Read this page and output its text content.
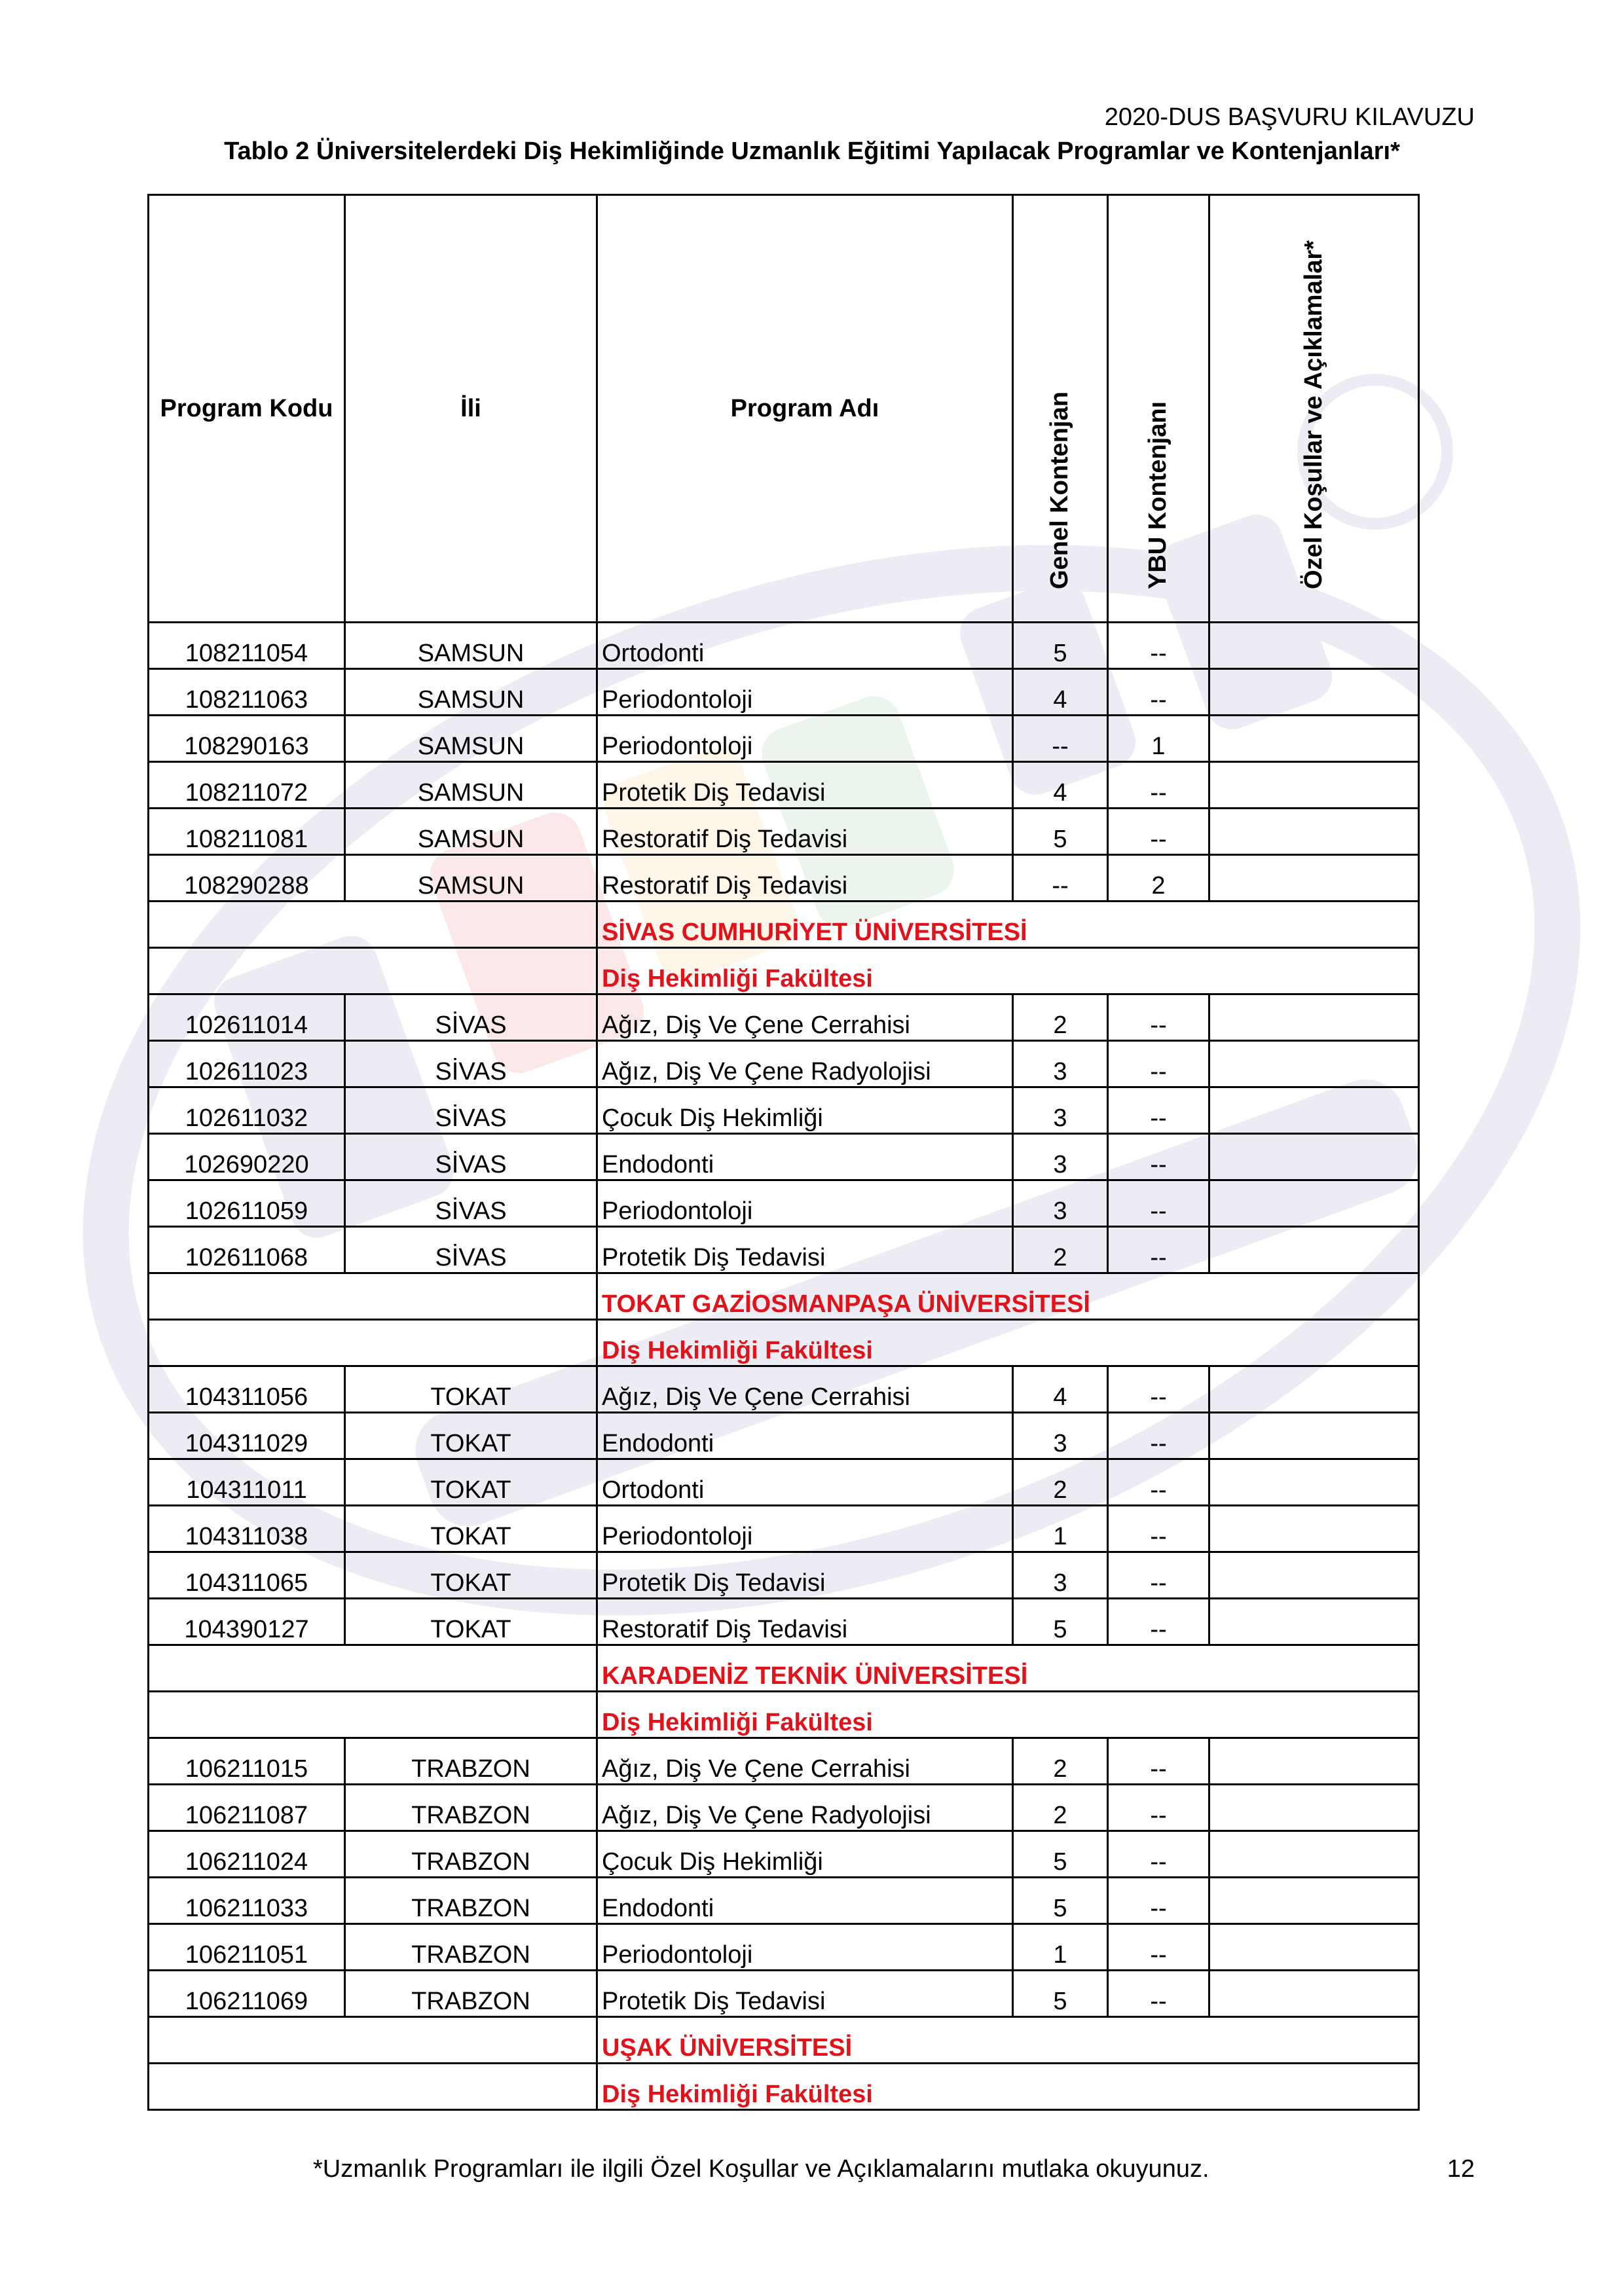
2020-DUS BAŞVURU KILAVUZU
Tablo 2 Üniversitelerdeki Diş Hekimliğinde Uzmanlık Eğitimi Yapılacak Programlar ve Kontenjanları*
Program Kodu	İli	Program Adı	Genel Kontenjan	YBU Kontenjanı	Özel Koşullar ve Açıklamalar*

108211054	SAMSUN	Ortodonti	5	--	
108211063	SAMSUN	Periodontoloji	4	--	
108290163	SAMSUN	Periodontoloji	--	1	
108211072	SAMSUN	Protetik Diş Tedavisi	4	--	
108211081	SAMSUN	Restoratif Diş Tedavisi	5	--	
108290288	SAMSUN	Restoratif Diş Tedavisi	--	2	
		SİVAS CUMHURİYET ÜNİVERSİTESİ			
		Diş Hekimliği Fakültesi			
102611014	SİVAS	Ağız, Diş Ve Çene Cerrahisi	2	--	
102611023	SİVAS	Ağız, Diş Ve Çene Radyolojisi	3	--	
102611032	SİVAS	Çocuk Diş Hekimliği	3	--	
102690220	SİVAS	Endodonti	3	--	
102611059	SİVAS	Periodontoloji	3	--	
102611068	SİVAS	Protetik Diş Tedavisi	2	--	
		TOKAT GAZİOSMANPAŞA ÜNİVERSİTESİ			
		Diş Hekimliği Fakültesi			
104311056	TOKAT	Ağız, Diş Ve Çene Cerrahisi	4	--	
104311029	TOKAT	Endodonti	3	--	
104311011	TOKAT	Ortodonti	2	--	
104311038	TOKAT	Periodontoloji	1	--	
104311065	TOKAT	Protetik Diş Tedavisi	3	--	
104390127	TOKAT	Restoratif Diş Tedavisi	5	--	
		KARADENİZ TEKNİK ÜNİVERSİTESİ			
		Diş Hekimliği Fakültesi			
106211015	TRABZON	Ağız, Diş Ve Çene Cerrahisi	2	--	
106211087	TRABZON	Ağız, Diş Ve Çene Radyolojisi	2	--	
106211024	TRABZON	Çocuk Diş Hekimliği	5	--	
106211033	TRABZON	Endodonti	5	--	
106211051	TRABZON	Periodontoloji	1	--	
106211069	TRABZON	Protetik Diş Tedavisi	5	--	
		UŞAK ÜNİVERSİTESİ			
		Diş Hekimliği Fakültesi			
*Uzmanlık Programları ile ilgili Özel Koşullar ve Açıklamalarını mutlaka okuyunuz.	12
